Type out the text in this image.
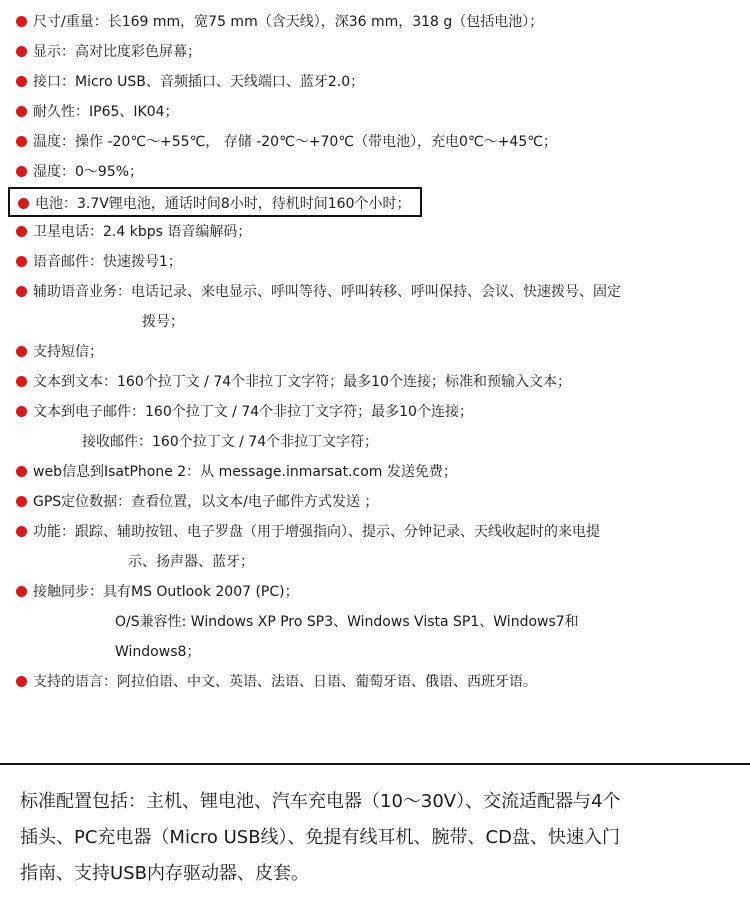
尺寸/重量：长169 mm，宽75 mm（含天线），深36 mm，318 g（包括电池）；
显示：高对比度彩色屏幕；
接口：Micro USB、音频插口、天线端口、蓝牙2.0；
耐久性：IP65、IK04；
温度：操作 -20℃～+55℃， 存储 -20℃～+70℃（带电池），充电0℃～+45℃；
湿度：0～95%；
电池：3.7V锂电池，通话时间8小时，待机时间160个小时；
卫星电话：2.4 kbps 语音编解码；
语音邮件：快速拨号1；
辅助语音业务：电话记录、来电显示、呼叫等待、呼叫转移、呼叫保持、会议、快速拨号、固定
拨号；
支持短信；
文本到文本：160个拉丁文 / 74个非拉丁文字符；最多10个连接；标准和预输入文本；
文本到电子邮件：160个拉丁文 / 74个非拉丁文字符；最多10个连接；
接收邮件：160个拉丁文 / 74个非拉丁文字符；
web信息到IsatPhone 2：从 message.inmarsat.com 发送免费；
GPS定位数据：查看位置，以文本/电子邮件方式发送 ；
功能：跟踪、辅助按钮、电子罗盘（用于增强指向）、提示、分钟记录、天线收起时的来电提
示、扬声器、蓝牙；
接触同步：具有MS Outlook 2007 (PC)；
O/S兼容性: Windows XP Pro SP3、Windows Vista SP1、Windows7和
Windows8；
支持的语言：阿拉伯语、中文、英语、法语、日语、葡萄牙语、俄语、西班牙语。
标准配置包括：主机、锂电池、汽车充电器（10～30V）、交流适配器与4个
插头、PC充电器（Micro USB线）、免提有线耳机、腕带、CD盘、快速入门
指南、支持USB内存驱动器、皮套。
